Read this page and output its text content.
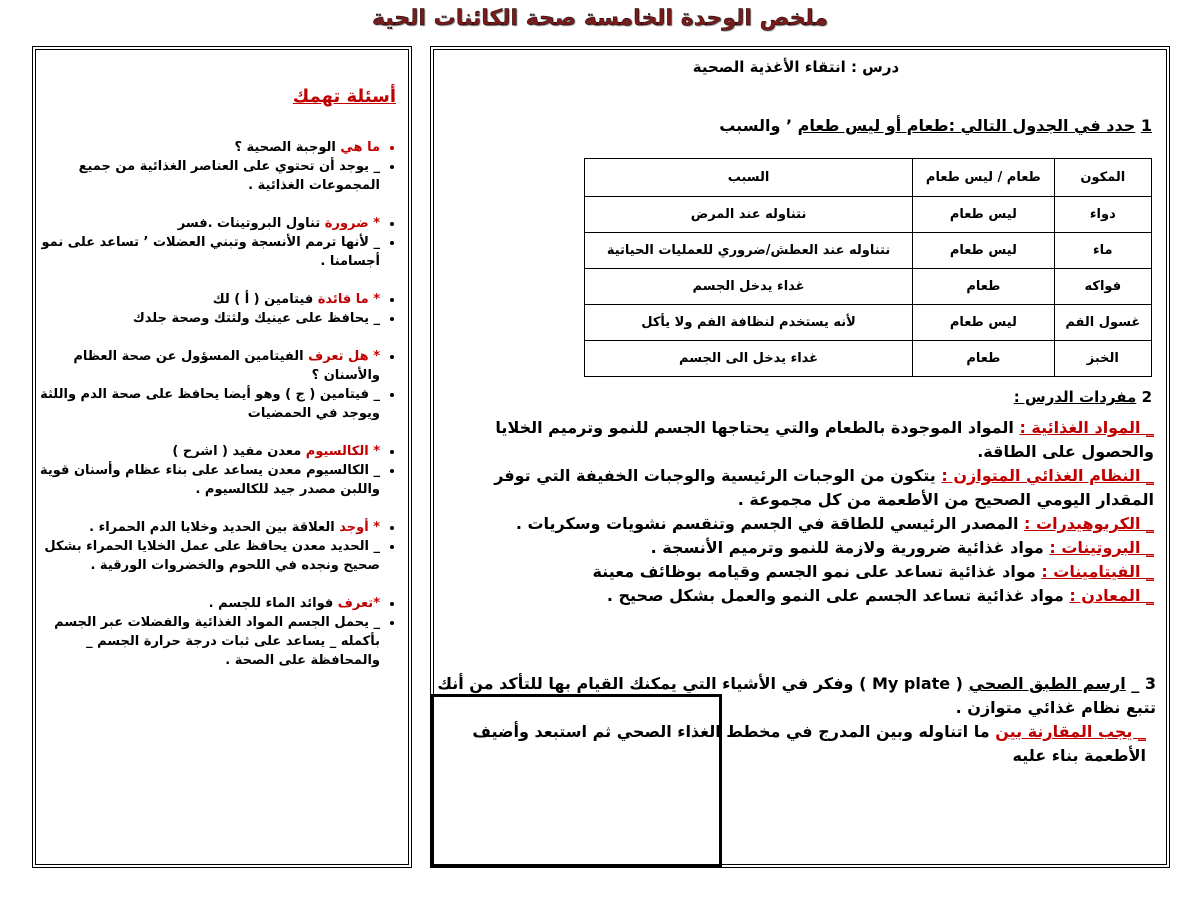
ملخص الوحدة الخامسة صحة الكائنات الحية
أسئلة تهمك
• ما هي الوجبة الصحية ؟
• _ يوجد أن تحتوي على العناصر الغذائية من جميع المجموعات الغذائية .
• * ضرورة تناول البروتينات .فسر
• _ لأنها ترمم الأنسجة وتبني العضلات ’ تساعد على نمو أجسامنا .
• * ما فائدة فيتامين ( أ ) لك
• _ يحافظ على عينيك ولثتك وصحة جلدك
• * هل تعرف الفيتامين المسؤول عن صحة العظام والأسنان ؟
• _ فيتامين ( ج ) وهو أيضا يحافظ على صحة الدم واللثة ويوجد في الحمضيات
• * الكالسيوم معدن مفيد ( اشرح )
• _ الكالسيوم معدن يساعد على بناء عظام وأسنان قوية واللبن مصدر جيد للكالسيوم .
• * أوجد العلاقة بين الحديد وخلايا الدم الحمراء .
• _ الحديد معدن يحافظ على عمل الخلايا الحمراء بشكل صحيح ونجده في اللحوم والخضروات الورقية .
• *تعرف فوائد الماء للجسم .
• _ يحمل الجسم المواد الغذائية والفضلات عبر الجسم بأكمله _ يساعد على ثبات درجة حرارة الجسم _ والمحافظة على الصحة .
درس : انتقاء الأغذية الصحية
1 حدد في الجدول التالي :طعام أو ليس طعام ’ والسبب
المكون	طعام / ليس طعام	السبب
دواء	ليس طعام	نتناوله عند المرض
ماء	ليس طعام	نتناوله عند العطش/ضروري للعمليات الحياتية
فواكه	طعام	غداء يدخل الجسم
غسول الفم	ليس طعام	لأنه يستخدم لنظافة الفم ولا يأكل
الخبز	طعام	غداء يدخل الى الجسم
2 مفردات الدرس :

_ المواد الغذائية : المواد الموجودة بالطعام والتي يحتاجها الجسم للنمو وترميم الخلايا والحصول على الطاقة.

_ النظام الغذائي المتوازن : يتكون من الوجبات الرئيسية والوجبات الخفيفة التي توفر المقدار اليومي الصحيح من الأطعمة من كل مجموعة .

_ الكربوهيدرات : المصدر الرئيسي للطاقة في الجسم وتنقسم نشويات وسكريات .

_ البروتينات : مواد غذائية ضرورية ولازمة للنمو وترميم الأنسجة .

_ الفيتامينات : مواد غذائية تساعد على نمو الجسم وقيامه بوظائف معينة

_ المعادن : مواد غذائية تساعد الجسم على النمو والعمل بشكل صحيح .

3 _ ارسم الطبق الصحي ( My plate ) وفكر في الأشياء التي يمكنك القيام بها للتأكد من أنك تتبع نظام غذائي متوازن .

_ يجب المقارنة بين ما اتناوله وبين المدرج في مخطط الغذاء الصحي ثم استبعد وأضيف الأطعمة بناء عليه
